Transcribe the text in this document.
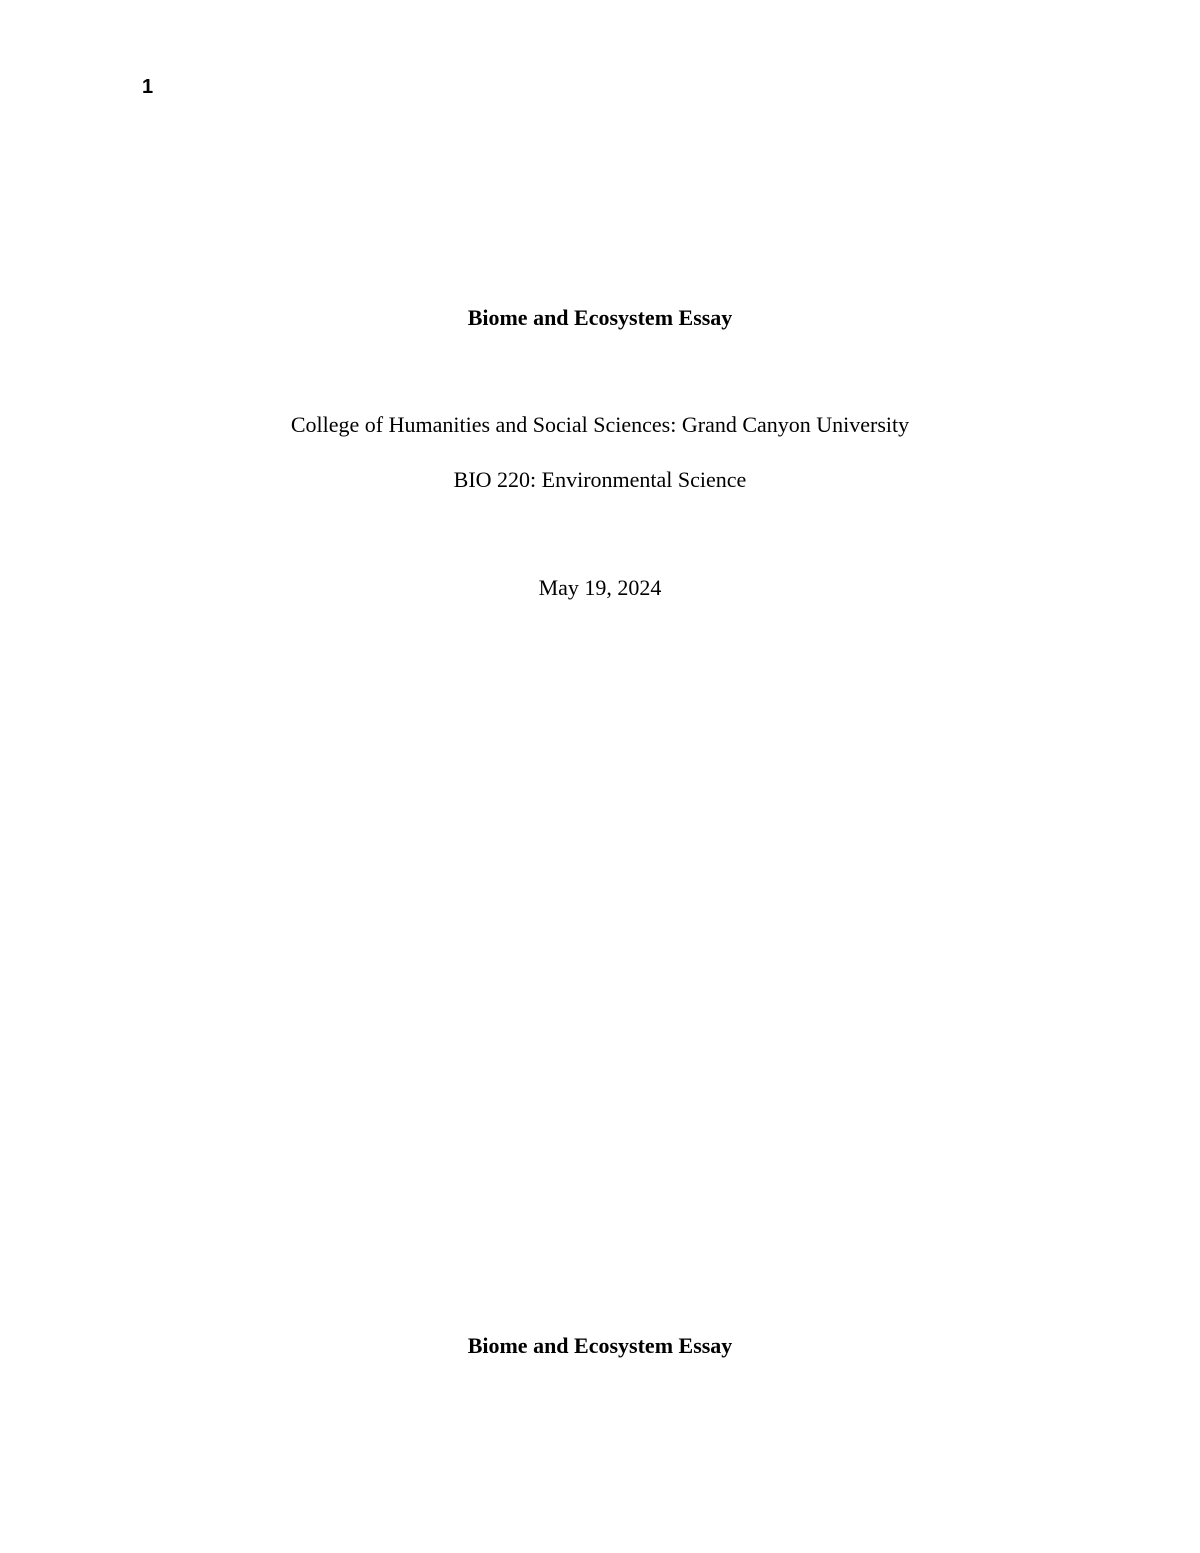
1
Biome and Ecosystem Essay
College of Humanities and Social Sciences: Grand Canyon University
BIO 220: Environmental Science
May 19, 2024
Biome and Ecosystem Essay
